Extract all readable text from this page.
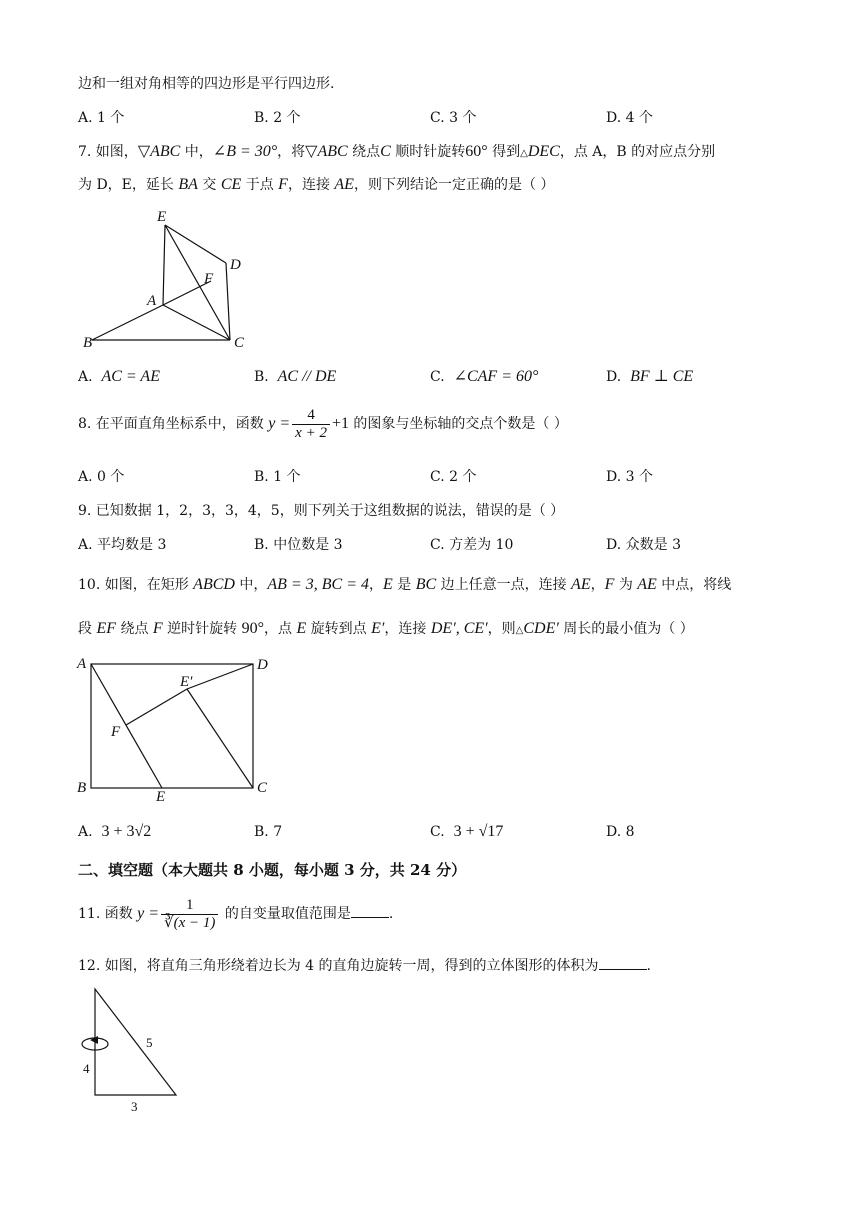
边和一组对角相等的四边形是平行四边形.
A. 1 个	B. 2 个	C. 3 个	D. 4 个
7. 如图，▽ABC 中，∠B = 30°，将▽ABC 绕点C 顺时针旋转60° 得到△DEC，点 A，B 的对应点分别
为 D，E，延长 BA 交 CE 于点 F，连接 AE，则下列结论一定正确的是（ ）
E
D
F
A
B	C
A. AC = AE	B. AC // DE	C. ∠CAF = 60°	D. BF ⊥ CE
8. 在平面直角坐标系中，函数 $y = \frac{4}{x + 2} +1$ 的图象与坐标轴的交点个数是（ ）
A. 0 个	B. 1 个	C. 2 个	D. 3 个
9. 已知数据 1，2，3，3，4，5，则下列关于这组数据的说法，错误的是（ ）
A. 平均数是 3	B. 中位数是 3	C. 方差为 10	D. 众数是 3
10. 如图，在矩形 ABCD 中，AB = 3, BC = 4，E 是 BC 边上任意一点，连接 AE，F 为 AE 中点，将线
段 EF 绕点 F 逆时针旋转 90°，点 E 旋转到点 E′，连接 DE′, CE′，则△CDE′ 周长的最小值为（ ）
A	D
E′
F
B
E
C
A. 3 + 3√2	B. 7	C. 3 + √17	D. 8
二、填空题（本大题共 8 小题，每小题 3 分，共 24 分）
11. 函数 $y = \frac{1}{∛(x - 1)}$ 的自变量取值范围是	.
12. 如图，将直角三角形绕着边长为 4 的直角边旋转一周，得到的立体图形的体积为	.
5
4
3
